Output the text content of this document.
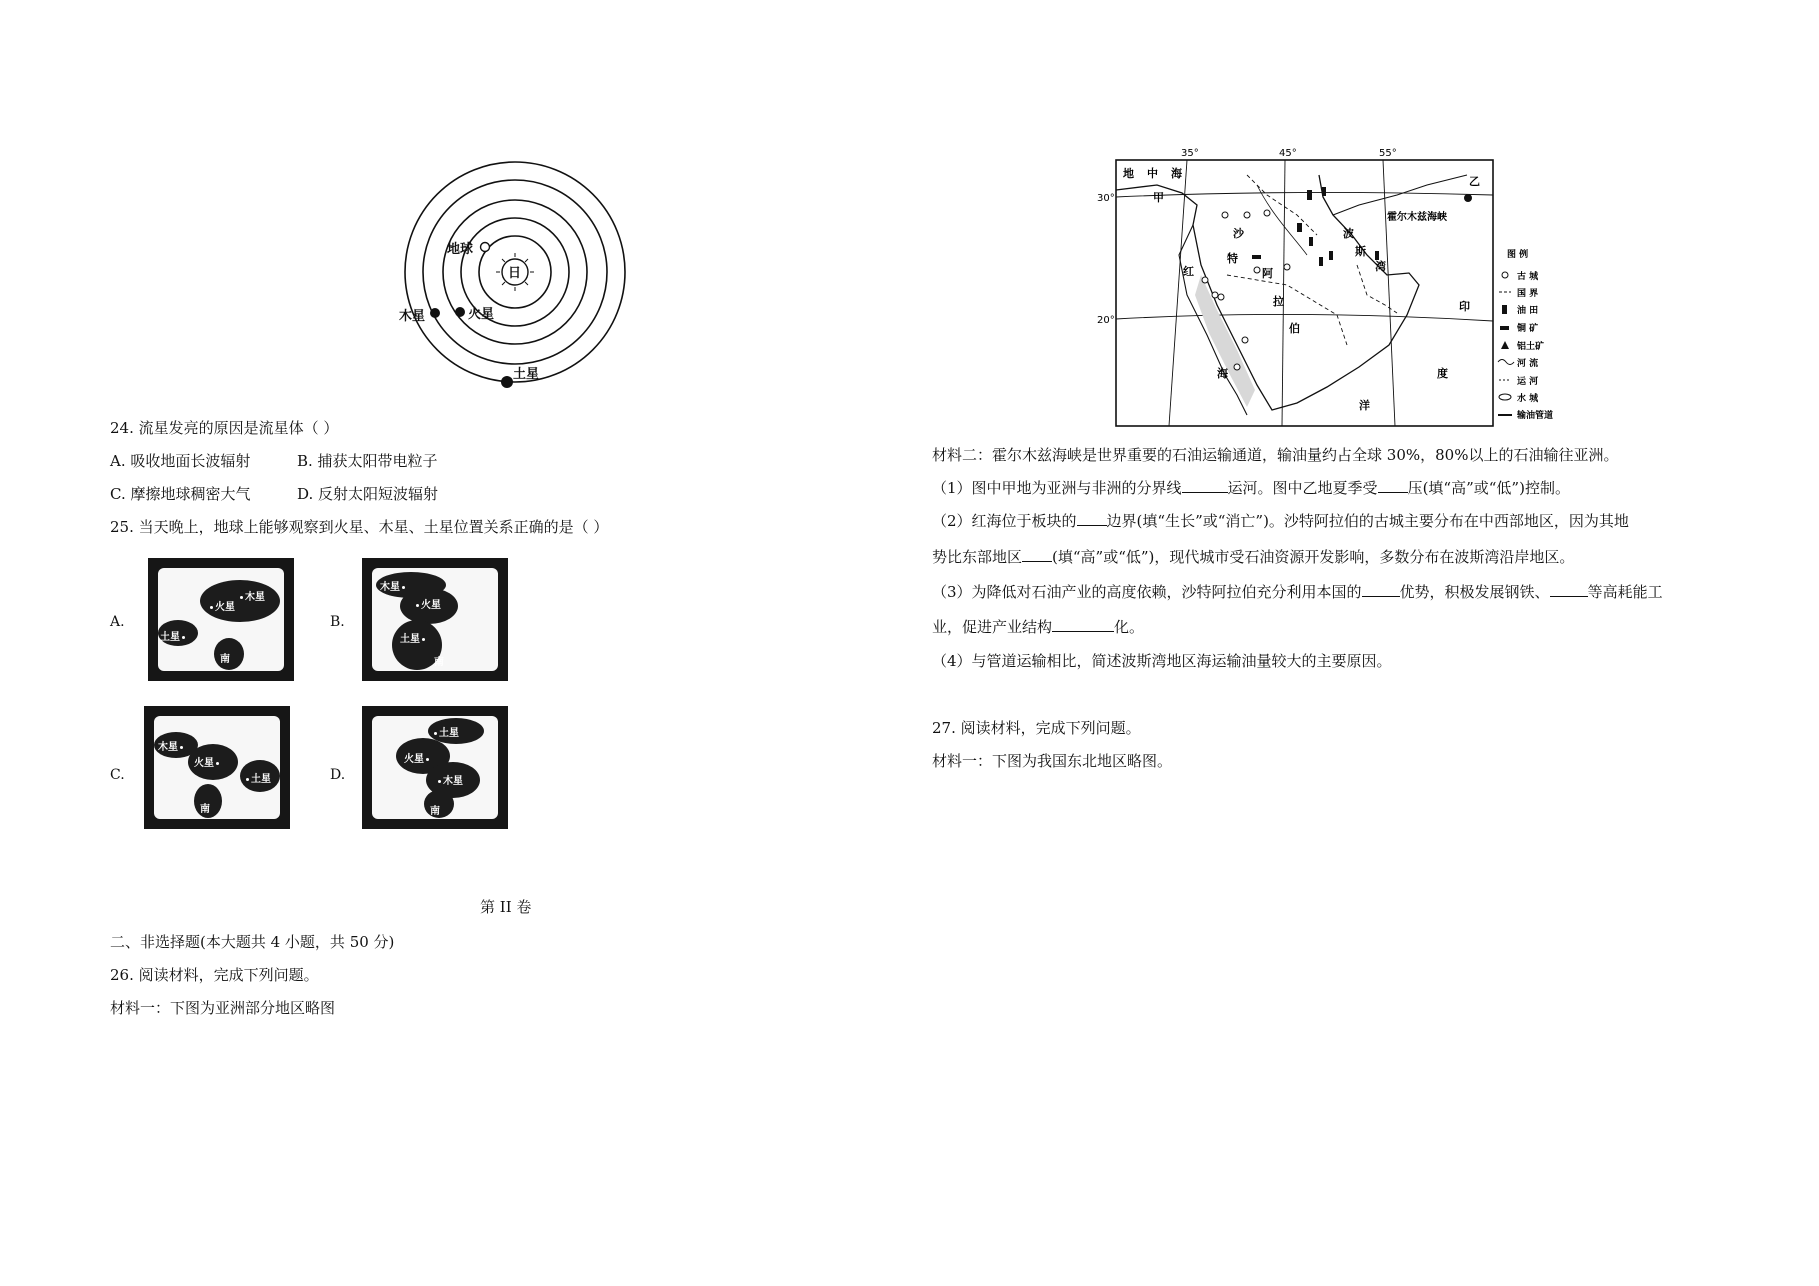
日
地球
火星
木星
土星
24. 流星发亮的原因是流星体（ ）
A. 吸收地面长波辐射	B. 捕获太阳带电粒子
C. 摩擦地球稠密大气	D. 反射太阳短波辐射
25. 当天晚上，地球上能够观察到火星、木星、土星位置关系正确的是（ ）
A.
火星
木星
土星
南
B.
木星
火星
土星
南
C.
木星
火星
土星
南
D.
土星
火星
木星
南
第 II 卷
二、非选择题(本大题共 4 小题，共 50 分)
26. 阅读材料，完成下列问题。
材料一：下图为亚洲部分地区略图
35°	45°	55°
30°
20°
地 中 海
甲
乙
霍尔木兹海峡
沙
特
阿
拉
伯
波
斯
湾
红
海
印
度
洋
图 例
古 城
国 界
油 田
铜 矿
铝土矿
河 流
运 河
水 城
输油管道
材料二：霍尔木兹海峡是世界重要的石油运输通道，输油量约占全球 30%，80%以上的石油输往亚洲。
（1）图中甲地为亚洲与非洲的分界线	运河。图中乙地夏季受 压(填“高”或“低”)控制。
（2）红海位于板块的 边界(填“生长”或“消亡”)。沙特阿拉伯的古城主要分布在中西部地区，因为其地
势比东部地区 (填“高”或“低”)，现代城市受石油资源开发影响，多数分布在波斯湾沿岸地区。
（3）为降低对石油产业的高度依赖，沙特阿拉伯充分利用本国的	优势，积极发展钢铁、	等高耗能工
业，促进产业结构	化。
（4）与管道运输相比，简述波斯湾地区海运输油量较大的主要原因。
27. 阅读材料，完成下列问题。
材料一：下图为我国东北地区略图。
